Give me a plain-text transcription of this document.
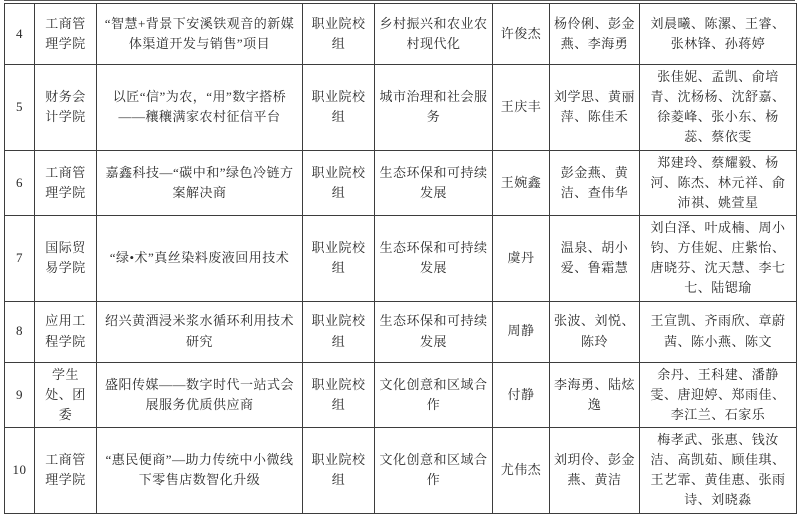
4	工商管理学院	“智慧+背景下安溪铁观音的新媒体渠道开发与销售”项目	职业院校组	乡村振兴和农业农村现代化	许俊杰	杨伶俐、彭金燕、李海勇	刘晨曦、陈漯、王睿、张林锋、孙蒋婷
5	财务会计学院	以匠“信”为农，“用”数字搭桥——穰穰满家农村征信平台	职业院校组	城市治理和社会服务	王庆丰	刘学思、黄丽萍、陈佳禾	张佳妮、孟凯、俞培青、沈杨杨、沈舒嘉、徐菱峰、张小东、杨蕊、蔡依雯
6	工商管理学院	嘉鑫科技—“碳中和”绿色冷链方案解决商	职业院校组	生态环保和可持续发展	王婉鑫	彭金燕、黄洁、查伟华	郑建玲、蔡耀毅、杨河、陈杰、林元祥、俞沛祺、姚萱星
7	国际贸易学院	“绿•术”真丝染料废液回用技术	职业院校组	生态环保和可持续发展	虞丹	温泉、胡小爱、鲁霜慧	刘白泽、叶成楠、周小钧、方佳妮、庄紫怡、唐晓芬、沈天慧、李七七、陆锶瑜
8	应用工程学院	绍兴黄酒浸米浆水循环利用技术研究	职业院校组	生态环保和可持续发展	周静	张波、刘悦、陈玲	王宣凯、齐雨欣、章蔚茜、陈小燕、陈文
9	学生处、团委	盛阳传媒——数字时代一站式会展服务优质供应商	职业院校组	文化创意和区域合作	付静	李海勇、陆炫逸	余丹、王科建、潘静雯、唐迎婷、郑雨佳、李江兰、石家乐
10	工商管理学院	“惠民便商”—助力传统中小微线下零售店数智化升级	职业院校组	文化创意和区域合作	尤伟杰	刘玥伶、彭金燕、黄洁	梅孝武、张惠、钱汝洁、高凯茹、顾佳琪、王艺霏、黄佳惠、张雨诗、刘晓淼
